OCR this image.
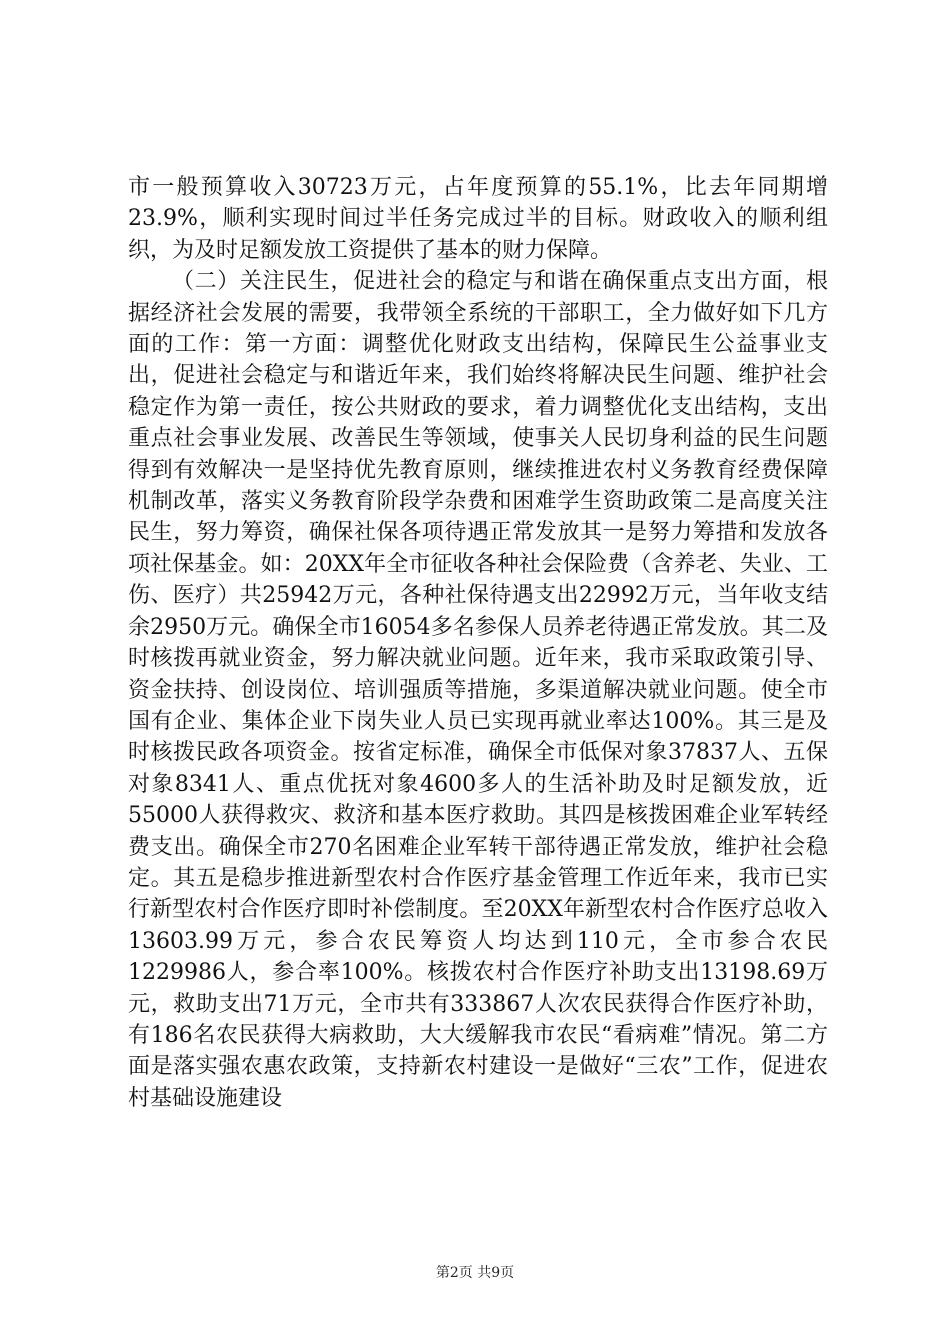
市一般预算收入30723万元，占年度预算的55.1%，比去年同期增23.9%，顺利实现时间过半任务完成过半的目标。财政收入的顺利组织，为及时足额发放工资提供了基本的财力保障。

（二）关注民生，促进社会的稳定与和谐在确保重点支出方面，根据经济社会发展的需要，我带领全系统的干部职工，全力做好如下几方面的工作：第一方面：调整优化财政支出结构，保障民生公益事业支出，促进社会稳定与和谐近年来，我们始终将解决民生问题、维护社会稳定作为第一责任，按公共财政的要求，着力调整优化支出结构，支出重点社会事业发展、改善民生等领域，使事关人民切身利益的民生问题得到有效解决一是坚持优先教育原则，继续推进农村义务教育经费保障机制改革，落实义务教育阶段学杂费和困难学生资助政策二是高度关注民生，努力筹资，确保社保各项待遇正常发放其一是努力筹措和发放各项社保基金。如：20XX年全市征收各种社会保险费（含养老、失业、工伤、医疗）共25942万元，各种社保待遇支出22992万元，当年收支结余2950万元。确保全市16054多名参保人员养老待遇正常发放。其二及时核拨再就业资金，努力解决就业问题。近年来，我市采取政策引导、资金扶持、创设岗位、培训强质等措施，多渠道解决就业问题。使全市国有企业、集体企业下岗失业人员已实现再就业率达100%。其三是及时核拨民政各项资金。按省定标准，确保全市低保对象37837人、五保对象8341人、重点优抚对象4600多人的生活补助及时足额发放，近55000人获得救灾、救济和基本医疗救助。其四是核拨困难企业军转经费支出。确保全市270名困难企业军转干部待遇正常发放，维护社会稳定。其五是稳步推进新型农村合作医疗基金管理工作近年来，我市已实行新型农村合作医疗即时补偿制度。至20XX年新型农村合作医疗总收入13603.99万元，参合农民筹资人均达到110元，全市参合农民1229986人，参合率100%。核拨农村合作医疗补助支出13198.69万元，救助支出71万元，全市共有333867人次农民获得合作医疗补助，有186名农民获得大病救助，大大缓解我市农民“看病难”情况。第二方面是落实强农惠农政策，支持新农村建设一是做好“三农”工作，促进农村基础设施建设

第2页 共9页
